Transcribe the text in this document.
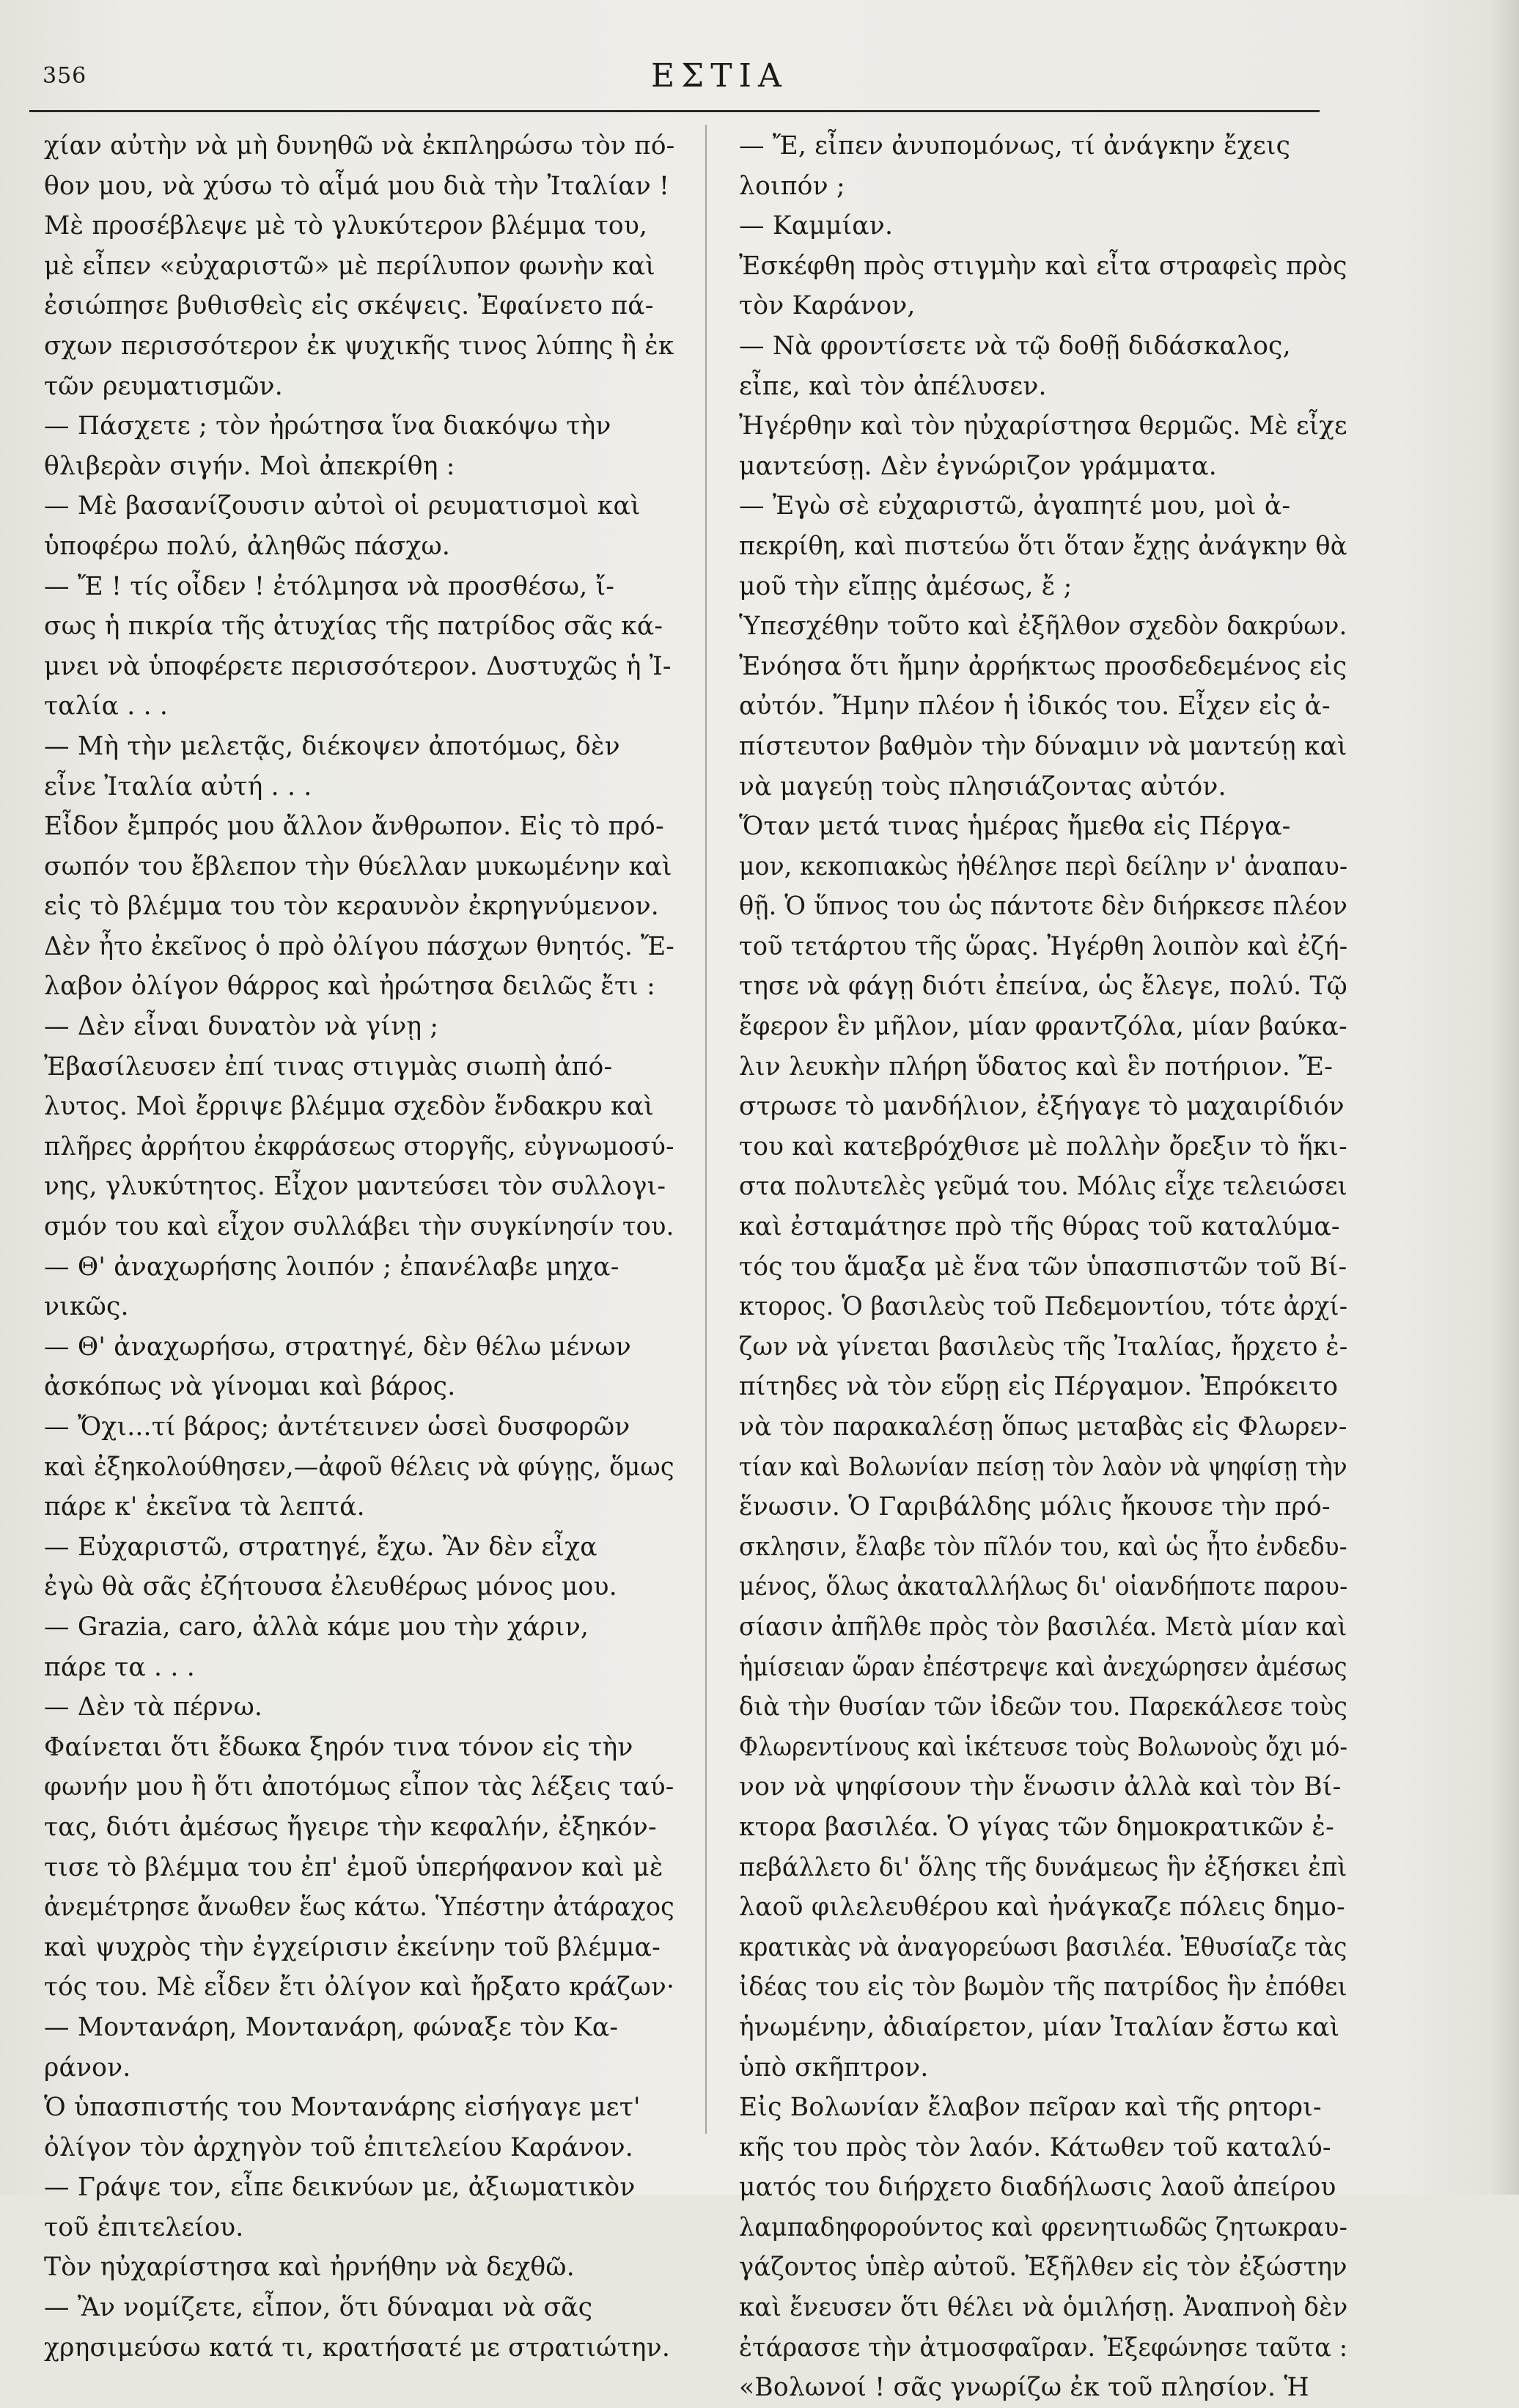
356	ΕΣΤΙΑ
χίαν αὐτὴν νὰ μὴ δυνηθῶ νὰ ἐκπληρώσω τὸν πό-
θον μου, νὰ χύσω τὸ αἷμά μου διὰ τὴν Ἰταλίαν !
Μὲ προσέβλεψε μὲ τὸ γλυκύτερον βλέμμα του,
μὲ εἶπεν «εὐχαριστῶ» μὲ περίλυπον φωνὴν καὶ
ἐσιώπησε βυθισθεὶς εἰς σκέψεις. Ἐφαίνετο πά-
σχων περισσότερον ἐκ ψυχικῆς τινος λύπης ἢ ἐκ
τῶν ρευματισμῶν.
— Πάσχετε ; τὸν ἠρώτησα ἵνα διακόψω τὴν
θλιβερὰν σιγήν. Μοὶ ἀπεκρίθη :
— Μὲ βασανίζουσιν αὐτοὶ οἱ ρευματισμοὶ καὶ
ὑποφέρω πολύ, ἀληθῶς πάσχω.
— Ἔ ! τίς οἶδεν ! ἐτόλμησα νὰ προσθέσω, ἴ-
σως ἡ πικρία τῆς ἀτυχίας τῆς πατρίδος σᾶς κά-
μνει νὰ ὑποφέρετε περισσότερον. Δυστυχῶς ἡ Ἰ-
ταλία . . .
— Μὴ τὴν μελετᾷς, διέκοψεν ἀποτόμως, δὲν
εἶνε Ἰταλία αὐτή . . .
Εἶδον ἔμπρός μου ἄλλον ἄνθρωπον. Εἰς τὸ πρό-
σωπόν του ἔβλεπον τὴν θύελλαν μυκωμένην καὶ
εἰς τὸ βλέμμα του τὸν κεραυνὸν ἐκρηγνύμενον.
Δὲν ἦτο ἐκεῖνος ὁ πρὸ ὀλίγου πάσχων θνητός. Ἔ-
λαβον ὀλίγον θάρρος καὶ ἠρώτησα δειλῶς ἔτι :
— Δὲν εἶναι δυνατὸν νὰ γίνῃ ;
Ἐβασίλευσεν ἐπί τινας στιγμὰς σιωπὴ ἀπό-
λυτος. Μοὶ ἔρριψε βλέμμα σχεδὸν ἔνδακρυ καὶ
πλῆρες ἀρρήτου ἐκφράσεως στοργῆς, εὐγνωμοσύ-
νης, γλυκύτητος. Εἶχον μαντεύσει τὸν συλλογι-
σμόν του καὶ εἶχον συλλάβει τὴν συγκίνησίν του.
— Θ' ἀναχωρήσης λοιπόν ; ἐπανέλαβε μηχα-
νικῶς.
— Θ' ἀναχωρήσω, στρατηγέ, δὲν θέλω μένων
ἀσκόπως νὰ γίνομαι καὶ βάρος.
— Ὄχι...τί βάρος; ἀντέτεινεν ὡσεὶ δυσφορῶν
καὶ ἐξηκολούθησεν,—ἀφοῦ θέλεις νὰ φύγῃς, ὅμως
πάρε κ' ἐκεῖνα τὰ λεπτά.
— Εὐχαριστῶ, στρατηγέ, ἔχω. Ἂν δὲν εἶχα
ἐγὼ θὰ σᾶς ἐζήτουσα ἐλευθέρως μόνος μου.
— Grazia, caro, ἀλλὰ κάμε μου τὴν χάριν,
πάρε τα . . .
— Δὲν τὰ πέρνω.
Φαίνεται ὅτι ἔδωκα ξηρόν τινα τόνον εἰς τὴν
φωνήν μου ἢ ὅτι ἀποτόμως εἶπον τὰς λέξεις ταύ-
τας, διότι ἀμέσως ἤγειρε τὴν κεφαλήν, ἐξηκόν-
τισε τὸ βλέμμα του ἐπ' ἐμοῦ ὑπερήφανον καὶ μὲ
ἀνεμέτρησε ἄνωθεν ἕως κάτω. Ὑπέστην ἀτάραχος
καὶ ψυχρὸς τὴν ἐγχείρισιν ἐκείνην τοῦ βλέμμα-
τός του. Μὲ εἶδεν ἔτι ὀλίγον καὶ ἤρξατο κράζων·
— Μοντανάρη, Μοντανάρη, φώναξε τὸν Κα-
ράνον.
Ὁ ὑπασπιστής του Μοντανάρης εἰσήγαγε μετ'
ὀλίγον τὸν ἀρχηγὸν τοῦ ἐπιτελείου Καράνον.
— Γράψε τον, εἶπε δεικνύων με, ἀξιωματικὸν
τοῦ ἐπιτελείου.
Τὸν ηὐχαρίστησα καὶ ἠρνήθην νὰ δεχθῶ.
— Ἂν νομίζετε, εἶπον, ὅτι δύναμαι νὰ σᾶς
χρησιμεύσω κατά τι, κρατήσατέ με στρατιώτην.
— Ἔ, εἶπεν ἀνυπομόνως, τί ἀνάγκην ἔχεις
λοιπόν ;
— Καμμίαν.
Ἐσκέφθη πρὸς στιγμὴν καὶ εἶτα στραφεὶς πρὸς
τὸν Καράνον,
— Νὰ φροντίσετε νὰ τῷ δοθῇ διδάσκαλος,
εἶπε, καὶ τὸν ἀπέλυσεν.
Ἠγέρθην καὶ τὸν ηὐχαρίστησα θερμῶς. Μὲ εἶχε
μαντεύσῃ. Δὲν ἐγνώριζον γράμματα.
— Ἐγὼ σὲ εὐχαριστῶ, ἀγαπητέ μου, μοὶ ἀ-
πεκρίθη, καὶ πιστεύω ὅτι ὅταν ἔχῃς ἀνάγκην θὰ
μοῦ τὴν εἴπῃς ἀμέσως, ἔ ;
Ὑπεσχέθην τοῦτο καὶ ἐξῆλθον σχεδὸν δακρύων.
Ἐνόησα ὅτι ἤμην ἀρρήκτως προσδεδεμένος εἰς
αὐτόν. Ἤμην πλέον ἡ ἰδικός του. Εἶχεν εἰς ἀ-
πίστευτον βαθμὸν τὴν δύναμιν νὰ μαντεύῃ καὶ
νὰ μαγεύῃ τοὺς πλησιάζοντας αὐτόν.
Ὅταν μετά τινας ἡμέρας ἤμεθα εἰς Πέργα-
μον, κεκοπιακὼς ἠθέλησε περὶ δείλην ν' ἀναπαυ-
θῇ. Ὁ ὕπνος του ὡς πάντοτε δὲν διήρκεσε πλέον
τοῦ τετάρτου τῆς ὥρας. Ἠγέρθη λοιπὸν καὶ ἐζή-
τησε νὰ φάγῃ διότι ἐπείνα, ὡς ἔλεγε, πολύ. Τῷ
ἔφερον ἓν μῆλον, μίαν φραντζόλα, μίαν βαύκα-
λιν λευκὴν πλήρη ὕδατος καὶ ἓν ποτήριον. Ἔ-
στρωσε τὸ μανδήλιον, ἐξήγαγε τὸ μαχαιρίδιόν
του καὶ κατεβρόχθισε μὲ πολλὴν ὄρεξιν τὸ ἥκι-
στα πολυτελὲς γεῦμά του. Μόλις εἶχε τελειώσει
καὶ ἐσταμάτησε πρὸ τῆς θύρας τοῦ καταλύμα-
τός του ἅμαξα μὲ ἕνα τῶν ὑπασπιστῶν τοῦ Βί-
κτορος. Ὁ βασιλεὺς τοῦ Πεδεμοντίου, τότε ἀρχί-
ζων νὰ γίνεται βασιλεὺς τῆς Ἰταλίας, ἤρχετο ἐ-
πίτηδες νὰ τὸν εὕρῃ εἰς Πέργαμον. Ἐπρόκειτο
νὰ τὸν παρακαλέσῃ ὅπως μεταβὰς εἰς Φλωρεν-
τίαν καὶ Βολωνίαν πείσῃ τὸν λαὸν νὰ ψηφίσῃ τὴν
ἕνωσιν. Ὁ Γαριβάλδης μόλις ἤκουσε τὴν πρό-
σκλησιν, ἔλαβε τὸν πῖλόν του, καὶ ὡς ἦτο ἐνδεδυ-
μένος, ὅλως ἀκαταλλήλως δι' οἱανδήποτε παρου-
σίασιν ἀπῆλθε πρὸς τὸν βασιλέα. Μετὰ μίαν καὶ
ἡμίσειαν ὥραν ἐπέστρεψε καὶ ἀνεχώρησεν ἀμέσως
διὰ τὴν θυσίαν τῶν ἰδεῶν του. Παρεκάλεσε τοὺς
Φλωρεντίνους καὶ ἱκέτευσε τοὺς Βολωνοὺς ὄχι μό-
νον νὰ ψηφίσουν τὴν ἕνωσιν ἀλλὰ καὶ τὸν Βί-
κτορα βασιλέα. Ὁ γίγας τῶν δημοκρατικῶν ἐ-
πεβάλλετο δι' ὅλης τῆς δυνάμεως ἣν ἐξήσκει ἐπὶ
λαοῦ φιλελευθέρου καὶ ἠνάγκαζε πόλεις δημο-
κρατικὰς νὰ ἀναγορεύωσι βασιλέα. Ἐθυσίαζε τὰς
ἰδέας του εἰς τὸν βωμὸν τῆς πατρίδος ἣν ἐπόθει
ἡνωμένην, ἀδιαίρετον, μίαν Ἰταλίαν ἔστω καὶ
ὑπὸ σκῆπτρον.
Εἰς Βολωνίαν ἔλαβον πεῖραν καὶ τῆς ρητορι-
κῆς του πρὸς τὸν λαόν. Κάτωθεν τοῦ καταλύ-
ματός του διήρχετο διαδήλωσις λαοῦ ἀπείρου
λαμπαδηφορούντος καὶ φρενητιωδῶς ζητωκραυ-
γάζοντος ὑπὲρ αὐτοῦ. Ἐξῆλθεν εἰς τὸν ἐξώστην
καὶ ἔνευσεν ὅτι θέλει νὰ ὁμιλήσῃ. Ἀναπνοὴ δὲν
ἐτάρασσε τὴν ἀτμοσφαῖραν. Ἐξεφώνησε ταῦτα :
«Βολωνοί ! σᾶς γνωρίζω ἐκ τοῦ πλησίον. Ἡ
